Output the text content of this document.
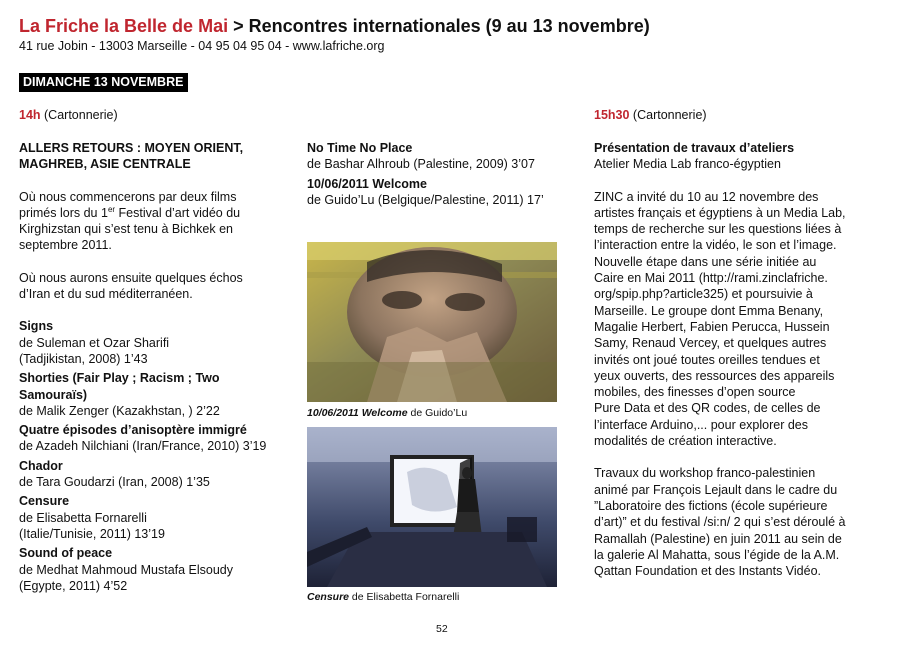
La Friche la Belle de Mai > Rencontres internationales (9 au 13 novembre)
41 rue Jobin - 13003 Marseille - 04 95 04 95 04 - www.lafriche.org
DIMANCHE 13 NOVEMBRE
14h (Cartonnerie)

ALLERS RETOURS : MOYEN ORIENT,

MAGHREB, ASIE CENTRALE

Où nous commencerons par deux films

primés lors du 1er Festival d’art vidéo du

Kirghizstan qui s’est tenu à Bichkek en

septembre 2011.

Où nous aurons ensuite quelques échos

d’Iran et du sud méditerranéen.

Signs

de Suleman et Ozar Sharifi

(Tadjikistan, 2008) 1’43

Shorties (Fair Play ; Racism ; Two Samouraïs)

de Malik Zenger (Kazakhstan, ) 2’22

Quatre épisodes d’anisoptère immigré

de Azadeh Nilchiani (Iran/France, 2010) 3’19

Chador

de Tara Goudarzi (Iran, 2008) 1’35

Censure

de Elisabetta Fornarelli

(Italie/Tunisie, 2011) 13’19

Sound of peace

de Medhat Mahmoud Mustafa Elsoudy

(Egypte, 2011) 4’52

No Time No Place

de Bashar Alhroub (Palestine, 2009) 3’07

10/06/2011 Welcome

de Guido’Lu (Belgique/Palestine, 2011) 17’

10/06/2011 Welcome de Guido’Lu
Censure de Elisabetta Fornarelli
15h30 (Cartonnerie)

Présentation de travaux d’ateliers

Atelier Media Lab franco-égyptien

ZINC a invité du 10 au 12 novembre des

artistes français et égyptiens à un Media Lab,

temps de recherche sur les questions liées à

l’interaction entre la vidéo, le son et l’image.

Nouvelle étape dans une série initiée au

Caire en Mai 2011 (http://rami.zinclafriche.

org/spip.php?article325) et poursuivie à

Marseille. Le groupe dont Emma Benany,

Magalie Herbert, Fabien Perucca, Hussein

Samy, Renaud Vercey, et quelques autres

invités ont joué toutes oreilles tendues et

yeux ouverts, des ressources des appareils

mobiles, des finesses d’open source

Pure Data et des QR codes, de celles de

l’interface Arduino,... pour explorer des

modalités de création interactive.

Travaux du workshop franco-palestinien

animé par François Lejault dans le cadre du

”Laboratoire des fictions (école supérieure

d’art)” et du festival /si:n/ 2 qui s’est déroulé à

Ramallah (Palestine) en juin 2011 au sein de

la galerie Al Mahatta, sous l’égide de la A.M.

Qattan Foundation et des Instants Vidéo.

52
